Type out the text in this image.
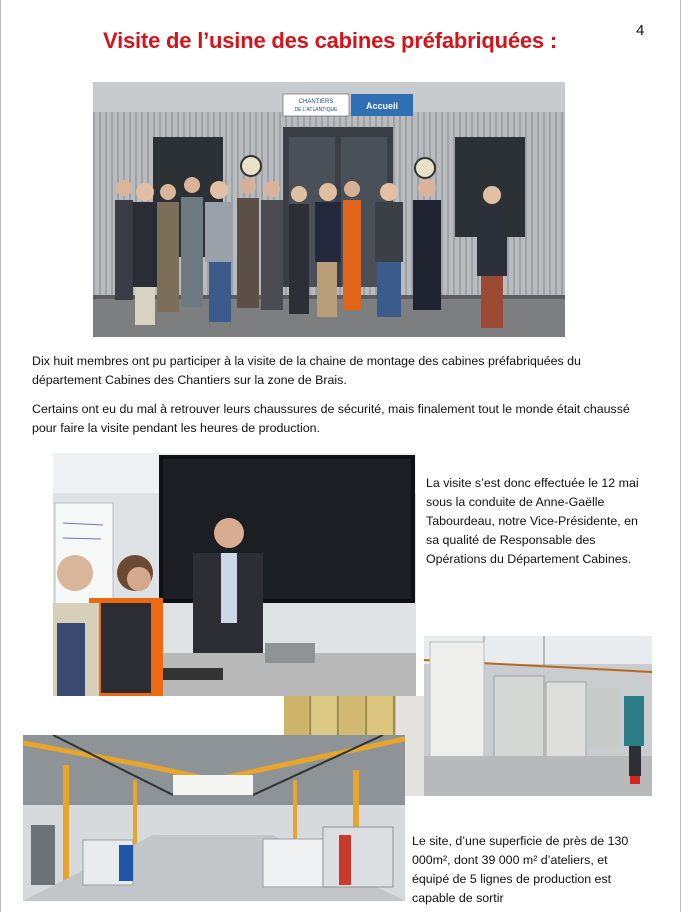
4
Visite de l’usine des cabines préfabriquées :
CHANTIERS
DE L’ATLANTIQUE	Accueil
Dix huit membres ont pu participer à la visite de la chaine de montage des cabines préfabriquées du département Cabines des Chantiers sur la zone de Brais.
Certains ont eu du mal à retrouver leurs chaussures de sécurité, mais finalement tout le monde était chaussé pour faire la visite pendant les heures de production.
La visite s’est donc effectuée le 12 mai sous la conduite de Anne-Gaëlle Tabourdeau, notre Vice-Présidente, en sa qualité de Responsable des Opérations du Département Cabines.
Le site, d’une superficie de près de 130 000m², dont 39 000 m² d’ateliers, et équipé de 5 lignes de production est capable de sortir
